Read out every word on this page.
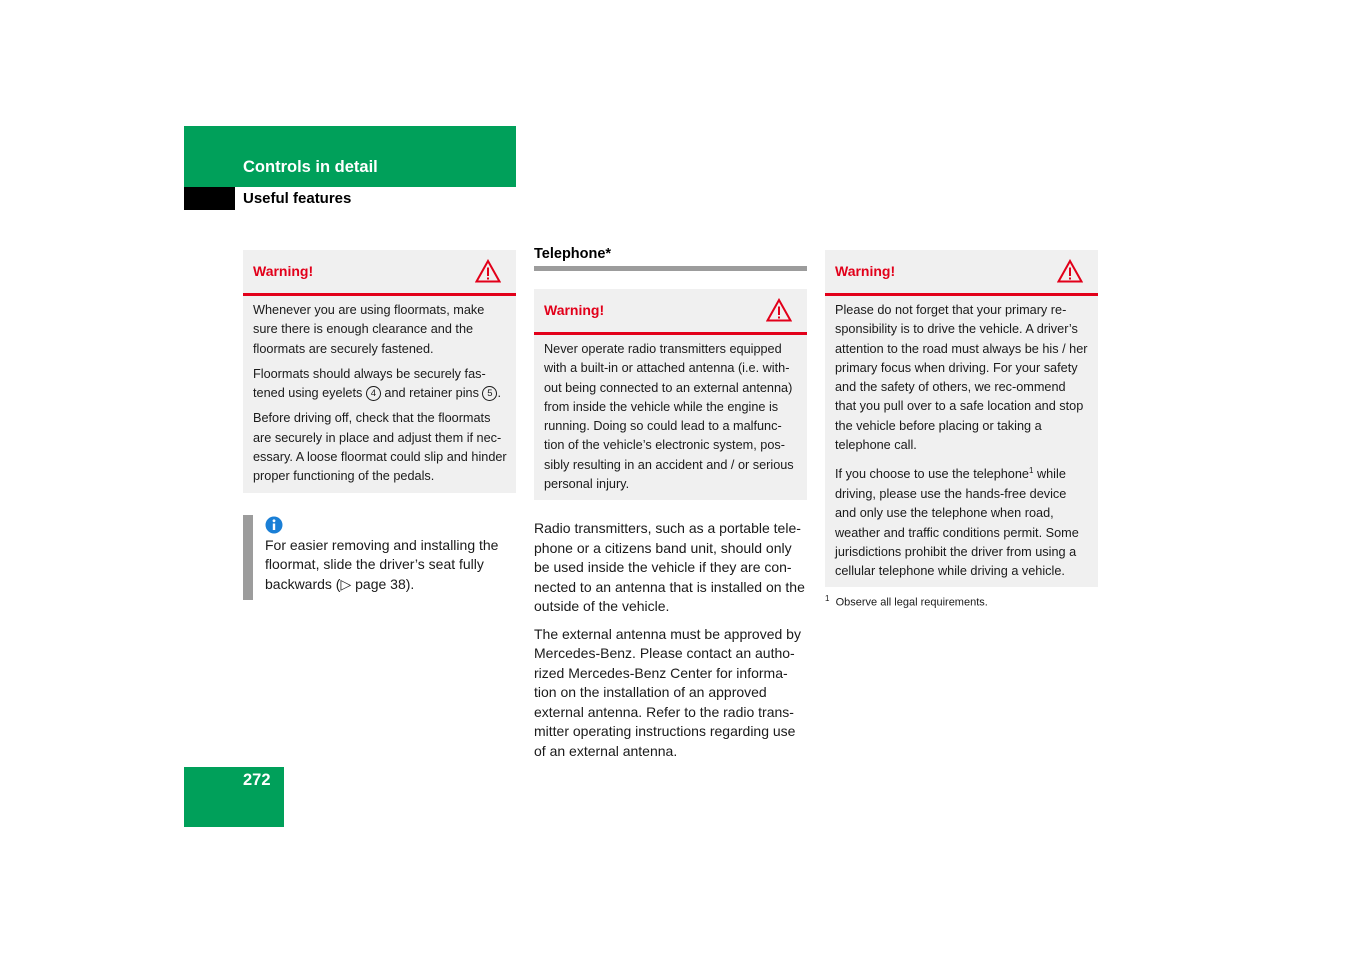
Controls in detail
Useful features
Warning!

Whenever you are using floormats, make sure there is enough clearance and the floormats are securely fastened.

Floormats should always be securely fas-tened using eyelets 4 and retainer pins 5 .

Before driving off, check that the floormats are securely in place and adjust them if nec-essary. A loose floormat could slip and hinder proper functioning of the pedals.

For easier removing and installing the floormat, slide the driver’s seat fully backwards (▷ page 38).
Telephone*
Warning!

Never operate radio transmitters equipped with a built-in or attached antenna (i.e. with-out being connected to an external antenna) from inside the vehicle while the engine is running. Doing so could lead to a malfunc-tion of the vehicle’s electronic system, pos-sibly resulting in an accident and / or serious personal injury.

Radio transmitters, such as a portable tele-phone or a citizens band unit, should only be used inside the vehicle if they are con-nected to an antenna that is installed on the outside of the vehicle.

The external antenna must be approved by Mercedes-Benz. Please contact an autho-rized Mercedes-Benz Center for informa-tion on the installation of an approved external antenna. Refer to the radio trans-mitter operating instructions regarding use of an external antenna.

Warning!

Please do not forget that your primary re-sponsibility is to drive the vehicle. A driver’s attention to the road must always be his / her primary focus when driving. For your safety and the safety of others, we rec-ommend that you pull over to a safe location and stop the vehicle before placing or taking a telephone call.

If you choose to use the telephone$^1$ while driving, please use the hands-free device and only use the telephone when road, weather and traffic conditions permit. Some jurisdictions prohibit the driver from using a cellular telephone while driving a vehicle.

$^1$ Observe all legal requirements.
272
